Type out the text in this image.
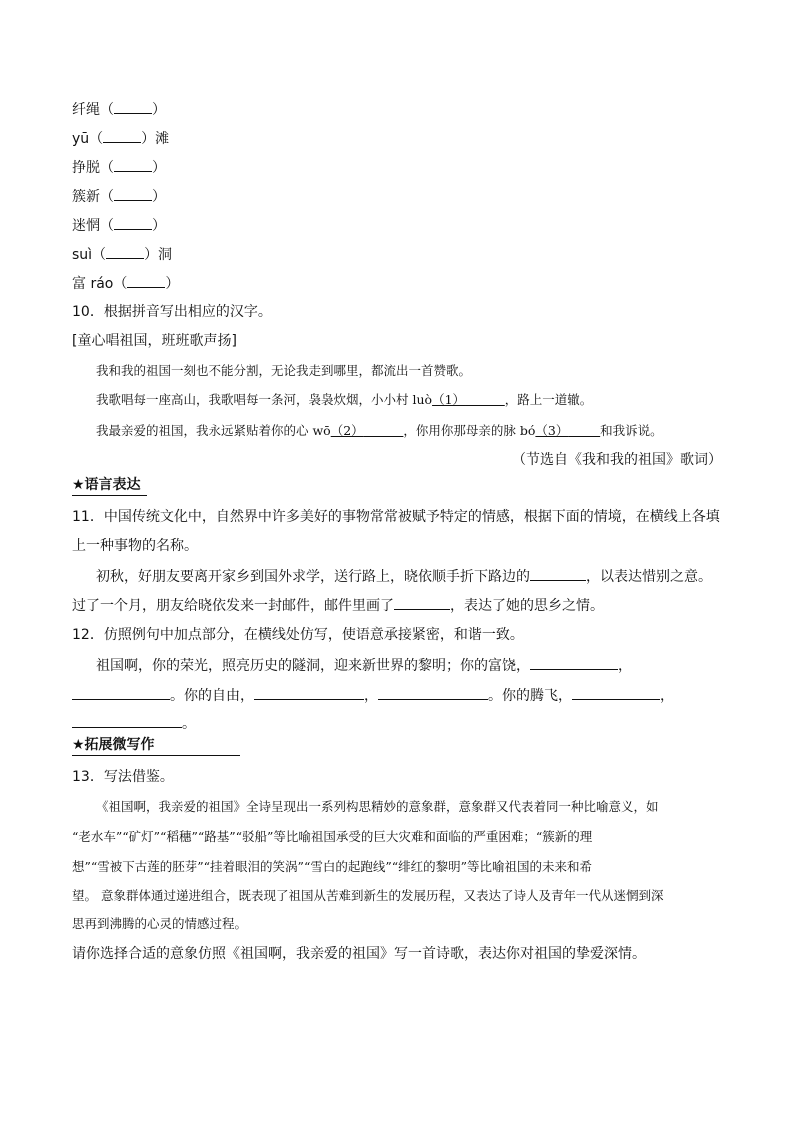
纤绳（	）
yū（	）滩
挣脱（	）
簇新（	）
迷惘（	）
suì（	）洞
富 ráo（	）
10．根据拼音写出相应的汉字。
[童心唱祖国，班班歌声扬]
我和我的祖国一刻也不能分割，无论我走到哪里，都流出一首赞歌。
我歌唱每一座高山，我歌唱每一条河，袅袅炊烟，小小村 luò（1）	，路上一道辙。
我最亲爱的祖国，我永远紧贴着你的心 wō（2）	，你用你那母亲的脉 bó（3）	和我诉说。
（节选自《我和我的祖国》歌词）
★语言表达
11．中国传统文化中，自然界中许多美好的事物常常被赋予特定的情感，根据下面的情境，在横线上各填
上一种事物的名称。
初秋，好朋友要离开家乡到国外求学，送行路上，晓依顺手折下路边的	，以表达惜别之意。
过了一个月，朋友给晓依发来一封邮件，邮件里画了	，表达了她的思乡之情。
12．仿照例句中加点部分，在横线处仿写，使语意承接紧密，和谐一致。
祖国啊，你的荣光，照亮历史的隧洞，迎来新世界的黎明；你的富饶，	，
。你的自由，	，	。你的腾飞，	，
。
★拓展微写作
13．写法借鉴。
《祖国啊，我亲爱的祖国》全诗呈现出一系列构思精妙的意象群，意象群又代表着同一种比喻意义，如
“老水车”“矿灯”“稻穗”“路基”“驳船”等比喻祖国承受的巨大灾难和面临的严重困难；“簇新的理
想”“雪被下古莲的胚芽”“挂着眼泪的笑涡”“雪白的起跑线”“绯红的黎明”等比喻祖国的未来和希
望。 意象群体通过递进组合，既表现了祖国从苦难到新生的发展历程，又表达了诗人及青年一代从迷惘到深
思再到沸腾的心灵的情感过程。
请你选择合适的意象仿照《祖国啊，我亲爱的祖国》写一首诗歌，表达你对祖国的挚爱深情。
